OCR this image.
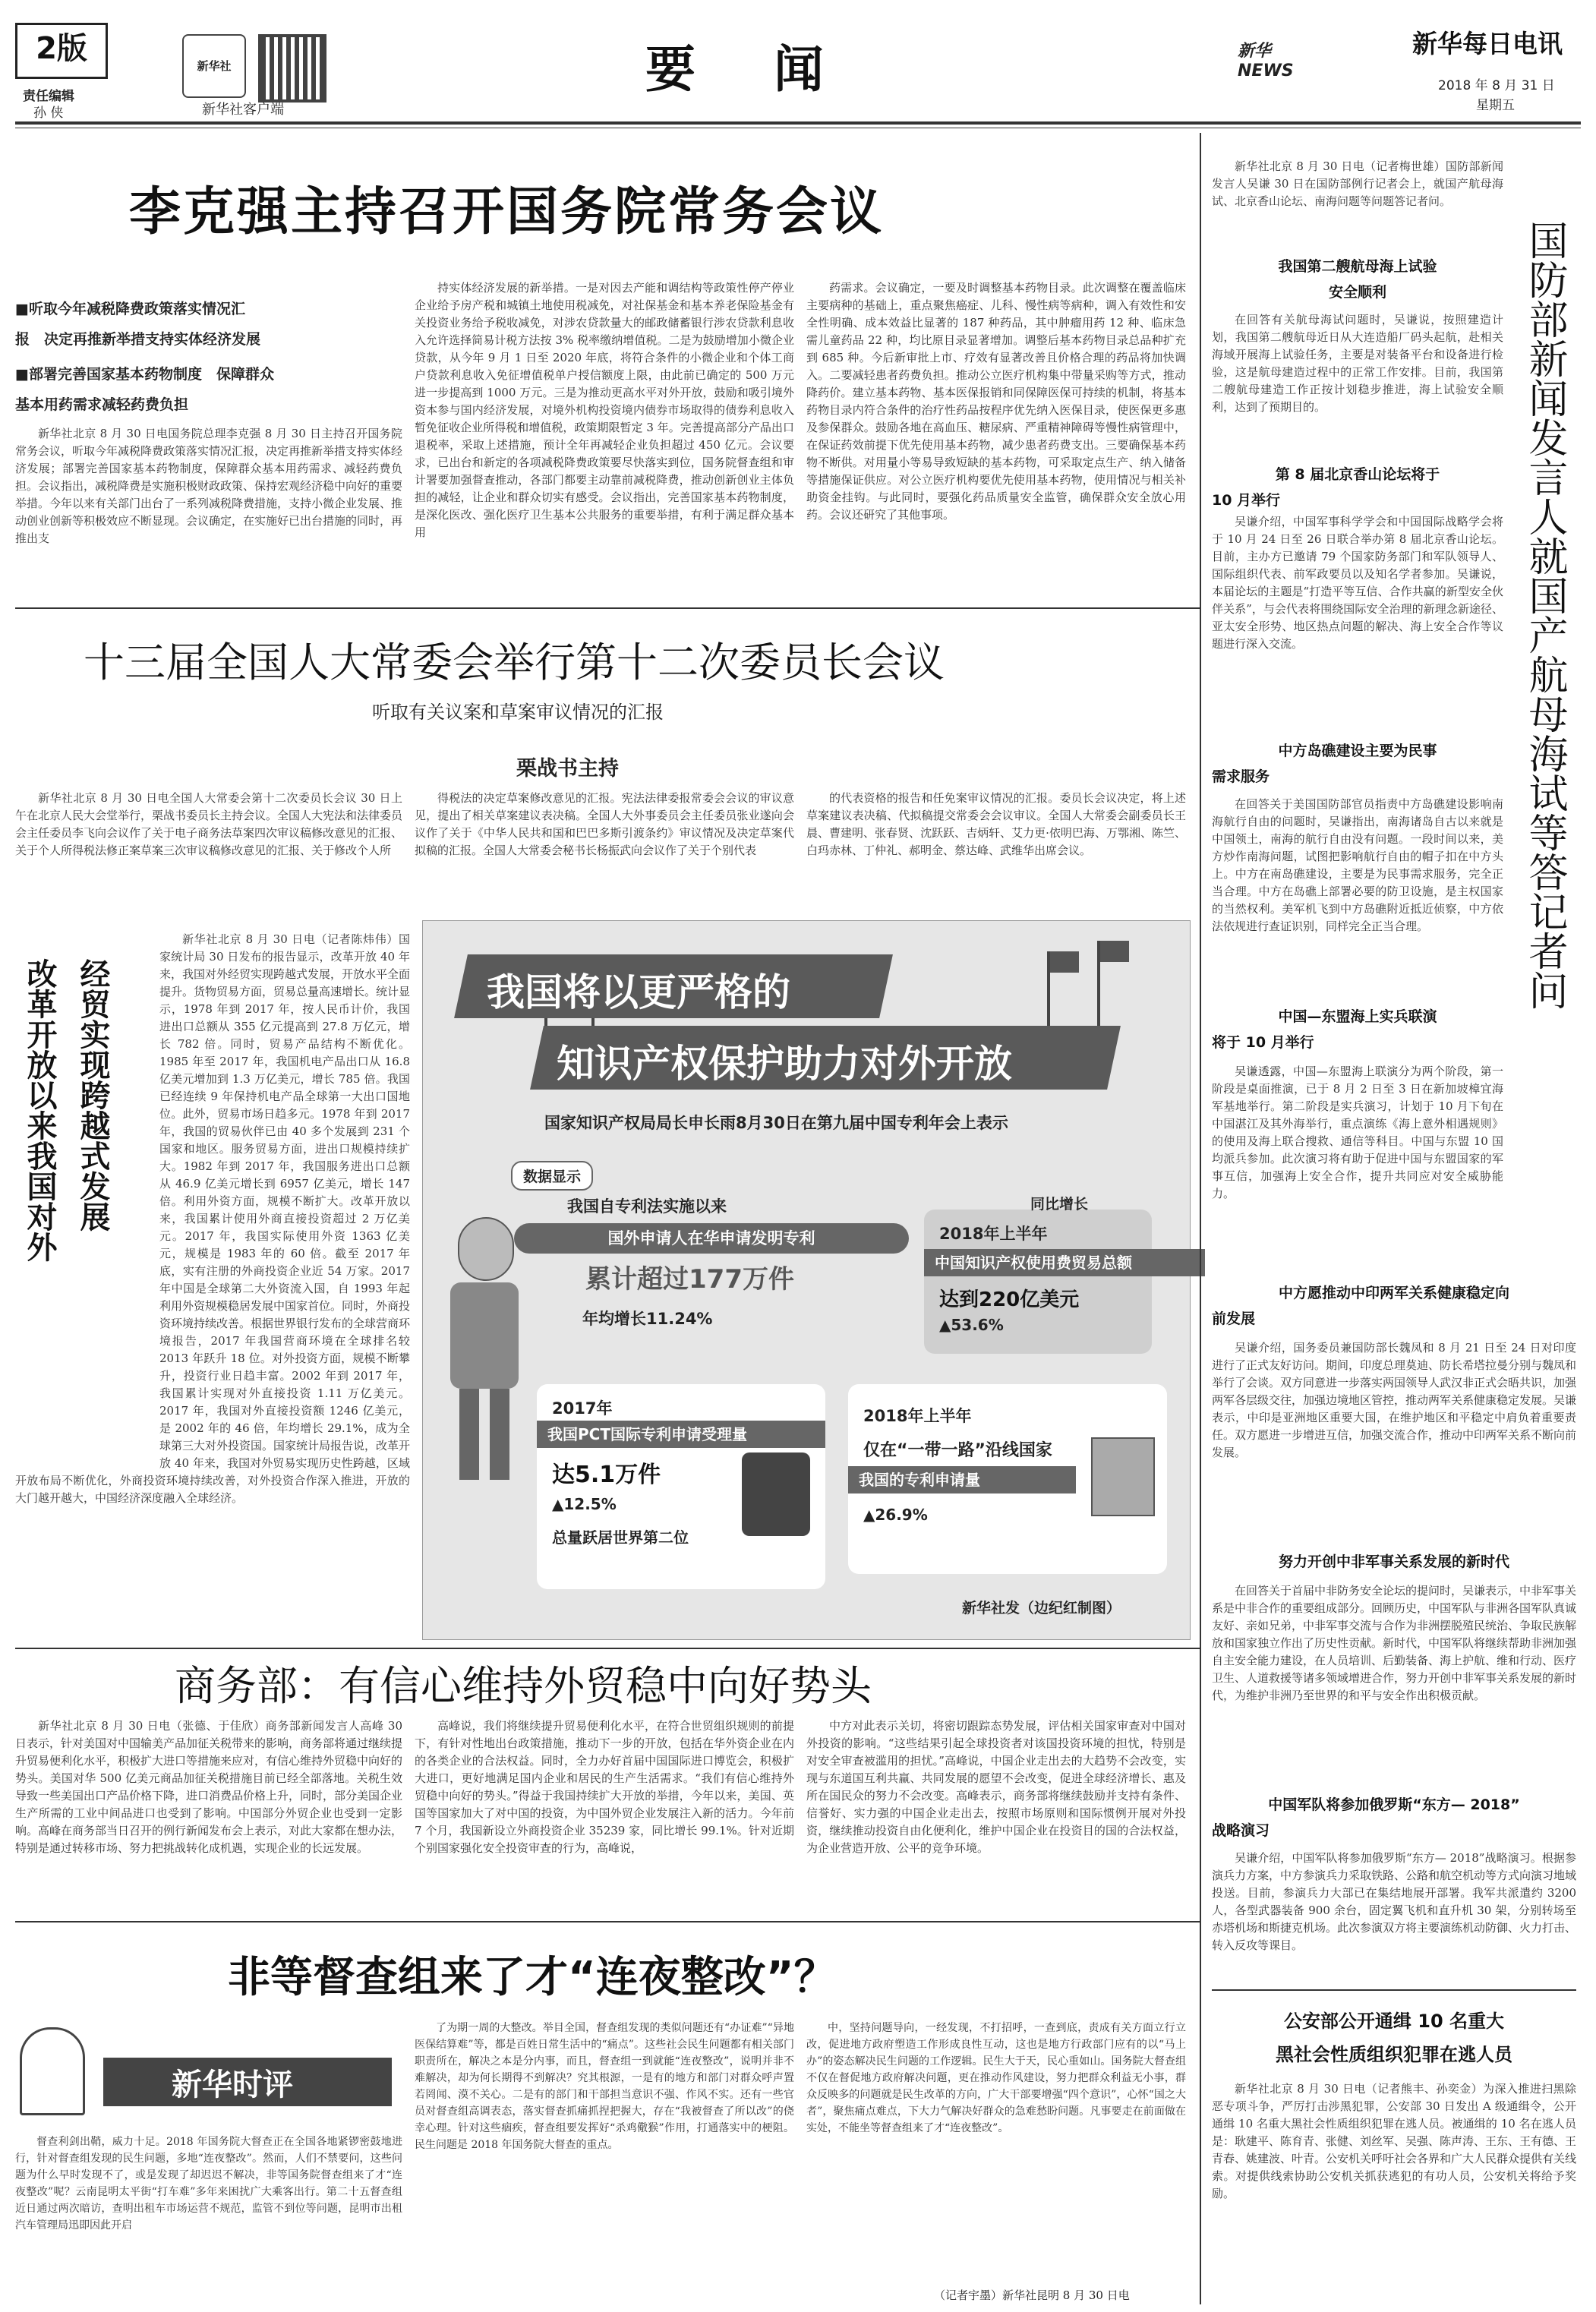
2版
责任编辑
孙 侠
新华社
新华社客户端
要 闻	新华 NEWS
新华每日电讯
2018 年 8 月 31 日
星期五
李克强主持召开国务院常务会议
■听取今年减税降费政策落实情况汇
报　决定再推新举措支持实体经济发展
■部署完善国家基本药物制度　保障群众
基本用药需求减轻药费负担

新华社北京 8 月 30 日电国务院总理李克强 8 月 30 日主持召开国务院常务会议，听取今年减税降费政策落实情况汇报，决定再推新举措支持实体经济发展；部署完善国家基本药物制度，保障群众基本用药需求、减轻药费负担。会议指出，减税降费是实施积极财政政策、保持宏观经济稳中向好的重要举措。今年以来有关部门出台了一系列减税降费措施，支持小微企业发展、推动创业创新等积极效应不断显现。会议确定，在实施好已出台措施的同时，再推出支

持实体经济发展的新举措。一是对因去产能和调结构等政策性停产停业企业给予房产税和城镇土地使用税减免，对社保基金和基本养老保险基金有关投资业务给予税收减免，对涉农贷款量大的邮政储蓄银行涉农贷款利息收入允许选择简易计税方法按 3% 税率缴纳增值税。二是为鼓励增加小微企业贷款，从今年 9 月 1 日至 2020 年底，将符合条件的小微企业和个体工商户贷款利息收入免征增值税单户授信额度上限，由此前已确定的 500 万元进一步提高到 1000 万元。三是为推动更高水平对外开放，鼓励和吸引境外资本参与国内经济发展，对境外机构投资境内债券市场取得的债券利息收入暂免征收企业所得税和增值税，政策期限暂定 3 年。完善提高部分产品出口退税率，采取上述措施，预计全年再减轻企业负担超过 450 亿元。会议要求，已出台和新定的各项减税降费政策要尽快落实到位，国务院督查组和审计署要加强督查推动，各部门都要主动靠前减税降费，推动创新创业主体负担的减轻，让企业和群众切实有感受。会议指出，完善国家基本药物制度，是深化医改、强化医疗卫生基本公共服务的重要举措，有利于满足群众基本用

药需求。会议确定，一要及时调整基本药物目录。此次调整在覆盖临床主要病种的基础上，重点聚焦癌症、儿科、慢性病等病种，调入有效性和安全性明确、成本效益比显著的 187 种药品，其中肿瘤用药 12 种、临床急需儿童药品 22 种，均比原目录显著增加。调整后基本药物目录总品种扩充到 685 种。今后新审批上市、疗效有显著改善且价格合理的药品将加快调入。二要减轻患者药费负担。推动公立医疗机构集中带量采购等方式，推动降药价。建立基本药物、基本医保报销和同保障医保可持续的机制，将基本药物目录内符合条件的治疗性药品按程序优先纳入医保目录，使医保更多惠及参保群众。鼓励各地在高血压、糖尿病、严重精神障碍等慢性病管理中，在保证药效前提下优先使用基本药物，减少患者药费支出。三要确保基本药物不断供。对用量小等易导致短缺的基本药物，可采取定点生产、纳入储备等措施保证供应。对公立医疗机构要优先使用基本药物，使用情况与相关补助资金挂钩。与此同时，要强化药品质量安全监管，确保群众安全放心用药。会议还研究了其他事项。

十三届全国人大常委会举行第十二次委员长会议
听取有关议案和草案审议情况的汇报
栗战书主持

新华社北京 8 月 30 日电全国人大常委会第十二次委员长会议 30 日上午在北京人民大会堂举行，栗战书委员长主持会议。全国人大宪法和法律委员会主任委员李飞向会议作了关于电子商务法草案四次审议稿修改意见的汇报、关于个人所得税法修正案草案三次审议稿修改意见的汇报、关于修改个人所

得税法的决定草案修改意见的汇报。宪法法律委报常委会会议的审议意见，提出了相关草案建议表决稿。全国人大外事委员会主任委员张业遂向会议作了关于《中华人民共和国和巴巴多斯引渡条约》审议情况及决定草案代拟稿的汇报。全国人大常委会秘书长杨振武向会议作了关于个别代表

的代表资格的报告和任免案审议情况的汇报。委员长会议决定，将上述草案建议表决稿、代拟稿提交常委会会议审议。全国人大常委会副委员长王晨、曹建明、张春贤、沈跃跃、吉炳轩、艾力更·依明巴海、万鄂湘、陈竺、白玛赤林、丁仲礼、郝明金、蔡达峰、武维华出席会议。

改革开放以来我国对外 经贸实现跨越式发展

新华社北京 8 月 30 日电（记者陈炜伟）国家统计局 30 日发布的报告显示，改革开放 40 年来，我国对外经贸实现跨越式发展，开放水平全面提升。货物贸易方面，贸易总量高速增长。统计显示，1978 年到 2017 年，按人民币计价，我国进出口总额从 355 亿元提高到 27.8 万亿元，增长 782 倍。同时，贸易产品结构不断优化。1985 年至 2017 年，我国机电产品出口从 16.8 亿美元增加到 1.3 万亿美元，增长 785 倍。我国已经连续 9 年保持机电产品全球第一大出口国地位。此外，贸易市场日趋多元。1978 年到 2017 年，我国的贸易伙伴已由 40 多个发展到 231 个国家和地区。服务贸易方面，进出口规模持续扩大。1982 年到 2017 年，我国服务进出口总额从 46.9 亿美元增长到 6957 亿美元，增长 147 倍。利用外资方面，规模不断扩大。改革开放以来，我国累计使用外商直接投资超过 2 万亿美元。2017 年，我国实际使用外资 1363 亿美元，规模是 1983 年的 60 倍。截至 2017 年底，实有注册的外商投资企业近 54 万家。2017 年中国是全球第二大外资流入国，自 1993 年起利用外资规模稳居发展中国家首位。同时，外商投资环境持续改善。根据世界银行发布的全球营商环境报告，2017 年我国营商环境在全球排名较 2013 年跃升 18 位。对外投资方面，规模不断攀升，投资行业日趋丰富。2002 年到 2017 年，我国累计实现对外直接投资 1.11 万亿美元。2017 年，我国对外直接投资额 1246 亿美元，是 2002 年的 46 倍，年均增长 29.1%，成为全球第三大对外投资国。国家统计局报告说，改革开放 40 年来，我国对外贸易实现历史性跨越，区域开放布局不断优化，外商投资环境持续改善，对外投资合作深入推进，开放的大门越开越大，中国经济深度融入全球经济。

我国将以更严格的
知识产权保护助力对外开放
国家知识产权局局长申长雨8月30日在第九届中国专利年会上表示
数据显示
我国自专利法实施以来
国外申请人在华申请发明专利
累计超过177万件
年均增长11.24%
同比增长
2018年上半年
中国知识产权使用费贸易总额
达到220亿美元
▲53.6%
2017年
我国PCT国际专利申请受理量
达5.1万件
▲12.5%
总量跃居世界第二位
2018年上半年
仅在“一带一路”沿线国家
我国的专利申请量
▲26.9%
新华社发（边纪红制图）
商务部：有信心维持外贸稳中向好势头

新华社北京 8 月 30 日电（张德、于佳欣）商务部新闻发言人高峰 30 日表示，针对美国对中国输美产品加征关税带来的影响，商务部将通过继续提升贸易便利化水平，积极扩大进口等措施来应对，有信心维持外贸稳中向好的势头。美国对华 500 亿美元商品加征关税措施目前已经全部落地。关税生效导致一些美国出口产品价格下降，进口消费品价格上升，同时，部分美国企业生产所需的工业中间品进口也受到了影响。中国部分外贸企业也受到一定影响。高峰在商务部当日召开的例行新闻发布会上表示，对此大家都在想办法，特别是通过转移市场、努力把挑战转化成机遇，实现企业的长远发展。

高峰说，我们将继续提升贸易便利化水平，在符合世贸组织规则的前提下，有针对性地出台政策措施，推动下一步的开放，包括在华外资企业在内的各类企业的合法权益。同时，全力办好首届中国国际进口博览会，积极扩大进口，更好地满足国内企业和居民的生产生活需求。“我们有信心维持外贸稳中向好的势头。”得益于我国持续扩大开放的举措，今年以来，美国、英国等国家加大了对中国的投资，为中国外贸企业发展注入新的活力。今年前 7 个月，我国新设立外商投资企业 35239 家，同比增长 99.1%。针对近期个别国家强化安全投资审查的行为，高峰说，

中方对此表示关切，将密切跟踪态势发展，评估相关国家审查对中国对外投资的影响。“这些结果引起全球投资者对该国投资环境的担忧，特别是对安全审查被滥用的担忧。”高峰说，中国企业走出去的大趋势不会改变，实现与东道国互利共赢、共同发展的愿望不会改变，促进全球经济增长、惠及所在国民众的努力不会改变。高峰表示，商务部将继续鼓励并支持有条件、信誉好、实力强的中国企业走出去，按照市场原则和国际惯例开展对外投资，继续推动投资自由化便利化，维护中国企业在投资目的国的合法权益，为企业营造开放、公平的竞争环境。

非等督查组来了才“连夜整改”？
新华时评

督查利剑出鞘，威力十足。2018 年国务院大督查正在全国各地紧锣密鼓地进行，针对督查组发现的民生问题，多地“连夜整改”。然而，人们不禁要问，这些问题为什么早时发现不了，或是发现了却迟迟不解决，非等国务院督查组来了才“连夜整改”呢？云南昆明太平街“打车难”多年来困扰广大乘客出行。第二十五督查组近日通过两次暗访，查明出租车市场运营不规范，监管不到位等问题，昆明市出租汽车管理局迅即因此开启

了为期一周的大整改。举目全国，督查组发现的类似问题还有“办证难”“异地医保结算难”等，都是百姓日常生活中的“痛点”。这些社会民生问题都有相关部门职责所在，解决之本是分内事，而且，督查组一到就能“连夜整改”，说明并非不难解决，却为何长期得不到解决？究其根源，一是有的地方和部门对群众呼声置若罔闻、漠不关心。二是有的部门和干部担当意识不强、作风不实。还有一些官员对督查组高调表态，落实督查抓痛抓捏把握大，存在“我被督查了所以改”的侥幸心理。针对这些痼疾，督查组要发挥好“杀鸡儆猴”作用，打通落实中的梗阻。民生问题是 2018 年国务院大督查的重点。

中，坚持问题导向，一经发现，不打招呼，一查到底，责成有关方面立行立改，促进地方政府塑造工作形成良性互动，这也是地方行政部门应有的以“马上办”的姿态解决民生问题的工作逻辑。民生大于天，民心重如山。国务院大督查组不仅在督促地方政府解决问题，更在推动作风建设，努力把群众利益无小事，群众反映多的问题就是民生改革的方向，广大干部要增强“四个意识”，心怀“国之大者”，聚焦痛点难点，下大力气解决好群众的急难愁盼问题。凡事要走在前面做在实处，不能坐等督查组来了才“连夜整改”。

（记者宇墨）新华社昆明 8 月 30 日电
国防部新闻发言人就国产航母海试等答记者问

新华社北京 8 月 30 日电（记者梅世雄）国防部新闻发言人吴谦 30 日在国防部例行记者会上，就国产航母海试、北京香山论坛、南海问题等问题答记者问。

我国第二艘航母海上试验
安全顺利

在回答有关航母海试问题时，吴谦说，按照建造计划，我国第二艘航母近日从大连造船厂码头起航，赴相关海域开展海上试验任务，主要是对装备平台和设备进行检验，这是航母建造过程中的正常工作安排。目前，我国第二艘航母建造工作正按计划稳步推进，海上试验安全顺利，达到了预期目的。

第 8 届北京香山论坛将于
10 月举行

吴谦介绍，中国军事科学学会和中国国际战略学会将于 10 月 24 日至 26 日联合举办第 8 届北京香山论坛。目前，主办方已邀请 79 个国家防务部门和军队领导人、国际组织代表、前军政要员以及知名学者参加。吴谦说，本届论坛的主题是“打造平等互信、合作共赢的新型安全伙伴关系”，与会代表将围绕国际安全治理的新理念新途径、亚太安全形势、地区热点问题的解决、海上安全合作等议题进行深入交流。

中方岛礁建设主要为民事
需求服务

在回答关于美国国防部官员指责中方岛礁建设影响南海航行自由的问题时，吴谦指出，南海诸岛自古以来就是中国领土，南海的航行自由没有问题。一段时间以来，美方炒作南海问题，试图把影响航行自由的帽子扣在中方头上。中方在南岛礁建设，主要是为民事需求服务，完全正当合理。中方在岛礁上部署必要的防卫设施，是主权国家的当然权利。美军机飞到中方岛礁附近抵近侦察，中方依法依规进行查证识别，同样完全正当合理。

中国—东盟海上实兵联演
将于 10 月举行

吴谦透露，中国—东盟海上联演分为两个阶段，第一阶段是桌面推演，已于 8 月 2 日至 3 日在新加坡樟宜海军基地举行。第二阶段是实兵演习，计划于 10 月下旬在中国湛江及其外海举行，重点演练《海上意外相遇规则》的使用及海上联合搜救、通信等科目。中国与东盟 10 国均派兵参加。此次演习将有助于促进中国与东盟国家的军事互信，加强海上安全合作，提升共同应对安全威胁能力。

中方愿推动中印两军关系健康稳定向
前发展

吴谦介绍，国务委员兼国防部长魏凤和 8 月 21 日至 24 日对印度进行了正式友好访问。期间，印度总理莫迪、防长希塔拉曼分别与魏凤和举行了会谈。双方同意进一步落实两国领导人武汉非正式会晤共识，加强两军各层级交往，加强边境地区管控，推动两军关系健康稳定发展。吴谦表示，中印是亚洲地区重要大国，在维护地区和平稳定中肩负着重要责任。双方愿进一步增进互信，加强交流合作，推动中印两军关系不断向前发展。

努力开创中非军事关系发展的新时代

在回答关于首届中非防务安全论坛的提问时，吴谦表示，中非军事关系是中非合作的重要组成部分。回顾历史，中国军队与非洲各国军队真诚友好、亲如兄弟，中非军事交流与合作为非洲摆脱殖民统治、争取民族解放和国家独立作出了历史性贡献。新时代，中国军队将继续帮助非洲加强自主安全能力建设，在人员培训、后勤装备、海上护航、维和行动、医疗卫生、人道救援等诸多领域增进合作，努力开创中非军事关系发展的新时代，为维护非洲乃至世界的和平与安全作出积极贡献。

中国军队将参加俄罗斯“东方— 2018”
战略演习

吴谦介绍，中国军队将参加俄罗斯“东方— 2018”战略演习。根据参演兵力方案，中方参演兵力采取铁路、公路和航空机动等方式向演习地域投送。目前，参演兵力大部已在集结地展开部署。我军共派遣约 3200 人，各型武器装备 900 余台，固定翼飞机和直升机 30 架，分别转场至赤塔机场和斯捷克机场。此次参演双方将主要演练机动防御、火力打击、转入反攻等课目。

公安部公开通缉 10 名重大
黑社会性质组织犯罪在逃人员

新华社北京 8 月 30 日电（记者熊丰、孙奕金）为深入推进扫黑除恶专项斗争，严厉打击涉黑犯罪，公安部 30 日发出 A 级通缉令，公开通缉 10 名重大黑社会性质组织犯罪在逃人员。被通缉的 10 名在逃人员是：耿建平、陈育青、张健、刘丝军、吴强、陈声涛、王东、王有德、王青春、姚建波、叶青。公安机关呼吁社会各界和广大人民群众提供有关线索。对提供线索协助公安机关抓获逃犯的有功人员，公安机关将给予奖励。
